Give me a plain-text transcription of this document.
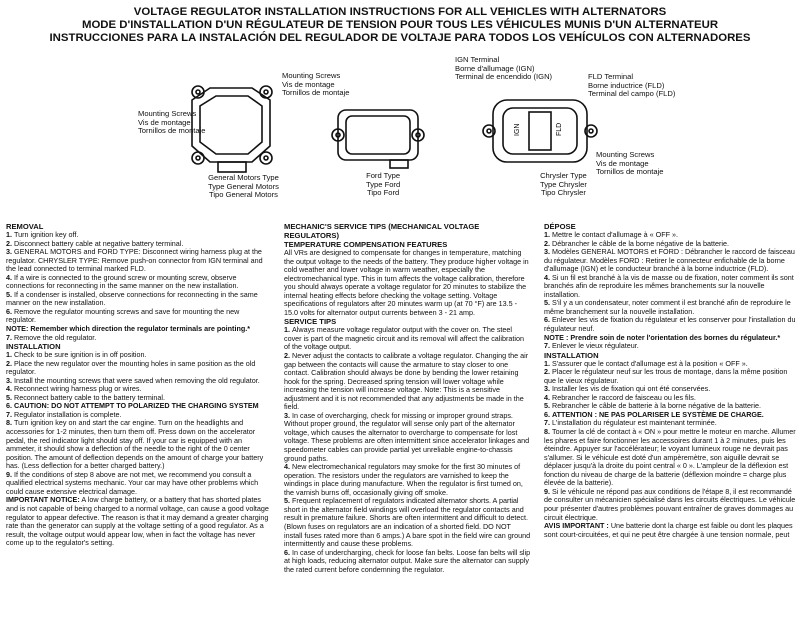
VOLTAGE REGULATOR INSTALLATION INSTRUCTIONS FOR ALL VEHICLES WITH ALTERNATORS
MODE D'INSTALLATION D'UN RÉGULATEUR DE TENSION POUR TOUS LES VÉHICULES MUNIS D'UN ALTERNATEUR
INSTRUCCIONES PARA LA INSTALACIÓN DEL REGULADOR DE VOLTAJE PARA TODOS LOS VEHÍCULOS CON ALTERNADORES
IGN	FLD
Mounting Screws
Vis de montage
Tornillos de montaje
General Motors Type
Type General Motors
Tipo General Motors
Mounting Screws
Vis de montage
Tornillos de montaje
Ford Type
Type Ford
Tipo Ford
IGN Terminal
Borne d'allumage (IGN)
Terminal de encendido (IGN)	FLD Terminal
Borne inductrice (FLD)
Terminal del campo (FLD)
Mounting Screws
Vis de montage
Tornillos de montaje
Chrysler Type
Type Chrysler
Tipo Chrysler
REMOVAL

1. Turn ignition key off.

2. Disconnect battery cable at negative battery terminal.

3. GENERAL MOTORS and FORD TYPE: Disconnect wiring harness plug at the regulator. CHRYSLER TYPE: Remove push-on connector from IGN terminal and the lead connected to terminal marked FLD.

4. If a wire is connected to the ground screw or mounting screw, observe connections for reconnecting in the same manner on the new installation.

5. If a condenser is installed, observe connections for reconnecting in the same manner on the new installation.

6. Remove the regulator mounting screws and save for mounting the new regulator.

NOTE: Remember which direction the regulator terminals are pointing.*

7. Remove the old regulator.

INSTALLATION

1. Check to be sure ignition is in off position.

2. Place the new regulator over the mounting holes in same position as the old regulator.

3. Install the mounting screws that were saved when removing the old regulator.

4. Reconnect wiring harness plug or wires.

5. Reconnect battery cable to the battery terminal.

6. CAUTION: DO NOT ATTEMPT TO POLARIZED THE CHARGING SYSTEM

7. Regulator installation is complete.

8. Turn ignition key on and start the car engine. Turn on the headlights and accessories for 1-2 minutes, then turn them off. Press down on the accelerator pedal, the red indicator light should stay off. If your car is equipped with an ammeter, it should show a deflection of the needle to the right of the 0 center position. The amount of deflection depends on the amount of charge your battery has. (Less deflection for a better charged battery.)

9. If the conditions of step 8 above are not met, we recommend you consult a qualified electrical systems mechanic. Your car may have other problems which could cause extensive electrical damage.

IMPORTANT NOTICE: A low charge battery, or a battery that has shorted plates and is not capable of being charged to a normal voltage, can cause a good voltage regulator to appear defective. The reason is that it may demand a greater charging rate than the generator can supply at the voltage setting of a good regulator. As a result, the voltage output would appear low, when in fact the voltage has never come up to the regulator's setting.

MECHANIC'S SERVICE TIPS (MECHANICAL VOLTAGE REGULATORS)
TEMPERATURE COMPENSATION FEATURES

All VRs are designed to compensate for changes in temperature, matching the output voltage to the needs of the battery. They produce higher voltage in cold weather and lower voltage in warm weather, especially the electromechanical type. This in turn affects the voltage calibration, therefore you should always operate a voltage regulator for 20 minutes to stabilize the internal heating effects before checking the voltage setting. Voltage specifications of regulators after 20 minutes warm up (at 70 °F) are 13.5 - 15.0 volts for alternator output currents between 3 - 21 amp.

SERVICE TIPS

1. Always measure voltage regulator output with the cover on. The steel cover is part of the magnetic circuit and its removal will affect the calibration of the voltage output.

2. Never adjust the contacts to calibrate a voltage regulator. Changing the air gap between the contacts will cause the armature to stay closer to one contact. Calibration should always be done by bending the lower retaining hook for the spring. Decreased spring tension will lower voltage while increasing the tension will increase voltage. Note: This is a sensitive adjustment and it is not recommended that any adjustments be made in the field.

3. In case of overcharging, check for missing or improper ground straps. Without proper ground, the regulator will sense only part of the alternator voltage, which causes the alternator to overcharge to compensate for lost voltage. These problems are often intermittent since accelerator linkages and speedometer cables can provide partial yet unreliable engine-to-chassis ground paths.

4. New electromechanical regulators may smoke for the first 30 minutes of operation. The resistors under the regulators are varnished to keep the windings in place during manufacture. When the regulator is first turned on, the varnish burns off, occasionally giving off smoke.

5. Frequent replacement of regulators indicated alternator shorts. A partial short in the alternator field windings will overload the regulator contacts and result in premature failure. Shorts are often intermittent and difficult to detect. (Blown fuses on regulators are an indication of a shorted field. DO NOT install fuses rated more than 6 amps.) A bare spot in the field wire can ground intermittently and cause these problems.

6. In case of undercharging, check for loose fan belts. Loose fan belts will slip at high loads, reducing alternator output. Make sure the alternator can supply the rated current before condemning the regulator.

DÉPOSE

1. Mettre le contact d'allumage à « OFF ».

2. Débrancher le câble de la borne négative de la batterie.

3. Modèles GENERAL MOTORS et FORD : Débrancher le raccord de faisceau du régulateur. Modèles FORD : Retirer le connecteur enfichable de la borne d'allumage (IGN) et le conducteur branché à la borne inductrice (FLD).

4. Si un fil est branché à la vis de masse ou de fixation, noter comment ils sont branchés afin de reproduire les mêmes branchements sur la nouvelle installation.

5. S'il y a un condensateur, noter comment il est branché afin de reproduire le même branchement sur la nouvelle installation.

6. Enlever les vis de fixation du régulateur et les conserver pour l'installation du régulateur neuf.

NOTE : Prendre soin de noter l'orientation des bornes du régulateur.*

7. Enlever le vieux régulateur.

INSTALLATION

1. S'assurer que le contact d'allumage est à la position « OFF ».

2. Placer le régulateur neuf sur les trous de montage, dans la même position que le vieux régulateur.

3. Installer les vis de fixation qui ont été conservées.

4. Rebrancher le raccord de faisceau ou les fils.

5. Rebrancher le câble de batterie à la borne négative de la batterie.

6. ATTENTION : NE PAS POLARISER LE SYSTÈME DE CHARGE.

7. L'installation du régulateur est maintenant terminée.

8. Tourner la clé de contact à « ON » pour mettre le moteur en marche. Allumer les phares et faire fonctionner les accessoires durant 1 à 2 minutes, puis les éteindre. Appuyer sur l'accélérateur; le voyant lumineux rouge ne devrait pas s'allumer. Si le véhicule est doté d'un ampèremètre, son aiguille devrait se déplacer jusqu'à la droite du point central « 0 ». L'ampleur de la déflexion est fonction du niveau de charge de la batterie (déflexion moindre = charge plus élevée de la batterie).

9. Si le véhicule ne répond pas aux conditions de l'étape 8, il est recommandé de consulter un mécanicien spécialisé dans les circuits électriques. Le véhicule pour présenter d'autres problèmes pouvant entraîner de graves dommages au circuit électrique.

AVIS IMPORTANT : Une batterie dont la charge est faible ou dont les plaques sont court-circuitées, et qui ne peut être chargée à une tension normale, peut
